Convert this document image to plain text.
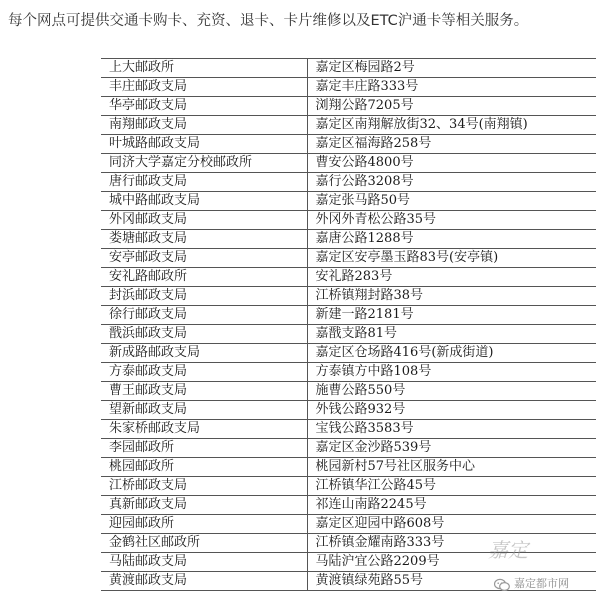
每个网点可提供交通卡购卡、充资、退卡、卡片维修以及ETC沪通卡等相关服务。
上大邮政所	嘉定区梅园路2号
丰庄邮政支局	嘉定丰庄路333号
华亭邮政支局	浏翔公路7205号
南翔邮政支局	嘉定区南翔解放街32、34号(南翔镇)
叶城路邮政支局	嘉定区福海路258号
同济大学嘉定分校邮政所	曹安公路4800号
唐行邮政支局	嘉行公路3208号
城中路邮政支局	嘉定张马路50号
外冈邮政支局	外冈外青松公路35号
娄塘邮政支局	嘉唐公路1288号
安亭邮政支局	嘉定区安亭墨玉路83号(安亭镇)
安礼路邮政所	安礼路283号
封浜邮政支局	江桥镇翔封路38号
徐行邮政支局	新建一路2181号
戬浜邮政支局	嘉戬支路81号
新成路邮政支局	嘉定区仓场路416号(新成街道)
方泰邮政支局	方泰镇方中路108号
曹王邮政支局	施曹公路550号
望新邮政支局	外钱公路932号
朱家桥邮政支局	宝钱公路3583号
李园邮政所	嘉定区金沙路539号
桃园邮政所	桃园新村57号社区服务中心
江桥邮政支局	江桥镇华江公路45号
真新邮政支局	祁连山南路2245号
迎园邮政所	嘉定区迎园中路608号
金鹤社区邮政所	江桥镇金耀南路333号
马陆邮政支局	马陆沪宜公路2209号
黄渡邮政支局	黄渡镇绿苑路55号
嘉定
嘉定都市网
